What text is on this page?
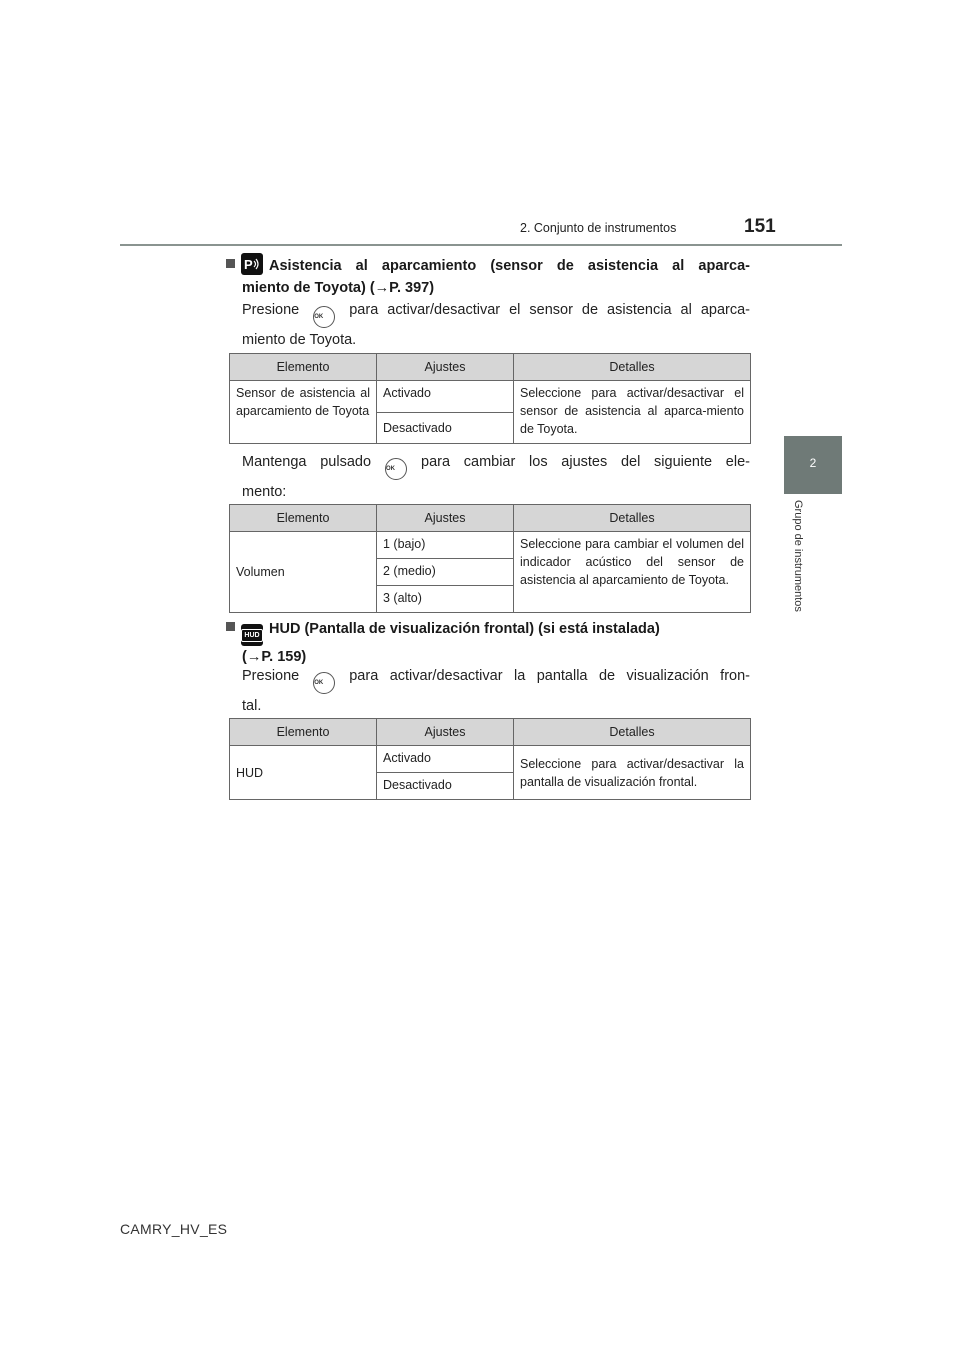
2. Conjunto de instrumentos	151
2
Grupo de instrumentos
P Asistencia al aparcamiento (sensor de asistencia al aparca-
miento de Toyota) (→P. 397)
Presione	OK para activar/desactivar el sensor de asistencia al aparca-
miento de Toyota.
Elemento	Ajustes	Detalles
Sensor de asistencia al aparcamiento de Toyota	Activado	Seleccione para activar/desactivar el sensor de asistencia al aparca-miento de Toyota.
	Desactivado	
Mantenga pulsado	OK para cambiar los ajustes del siguiente ele-
mento:
Elemento	Ajustes	Detalles
Volumen	1 (bajo)	Seleccione para cambiar el volumen del indicador acústico del sensor de asistencia al aparcamiento de Toyota.
	2 (medio)	
	3 (alto)	
HUD HUD (Pantalla de visualización frontal) (si está instalada)
(→P. 159)
Presione	OK para activar/desactivar la pantalla de visualización fron-
tal.
Elemento	Ajustes	Detalles
HUD	Activado	Seleccione para activar/desactivar la pantalla de visualización frontal.
	Desactivado	
CAMRY_HV_ES
